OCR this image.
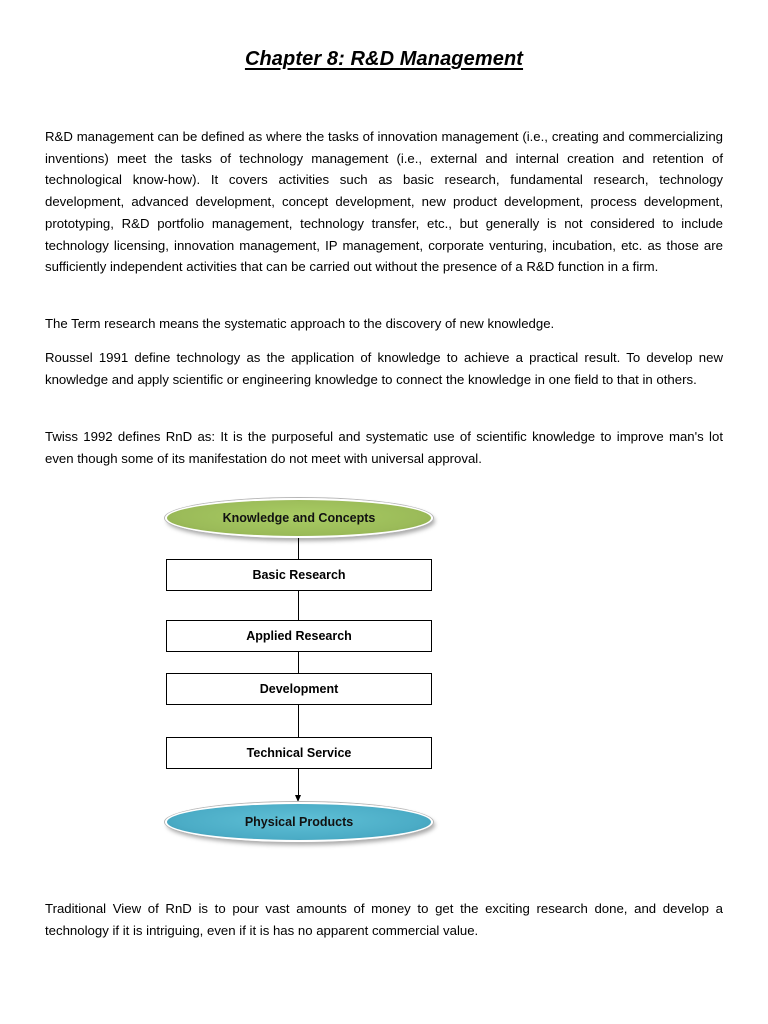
Chapter 8: R&D Management

R&D management can be defined as where the tasks of innovation management (i.e., creating and commercializing inventions) meet the tasks of technology management (i.e., external and internal creation and retention of technological know-how). It covers activities such as basic research, fundamental research, technology development, advanced development, concept development, new product development, process development, prototyping, R&D portfolio management, technology transfer, etc., but generally is not considered to include technology licensing, innovation management, IP management, corporate venturing, incubation, etc. as those are sufficiently independent activities that can be carried out without the presence of a R&D function in a firm.

The Term research means the systematic approach to the discovery of new knowledge.

Roussel 1991 define technology as the application of knowledge to achieve a practical result. To develop new knowledge and apply scientific or engineering knowledge to connect the knowledge in one field to that in others.

Twiss 1992 defines RnD as: It is the purposeful and systematic use of scientific knowledge to improve man's lot even though some of its manifestation do not meet with universal approval.

Knowledge and Concepts
Basic Research
Applied Research
Development
Technical Service
Physical Products

Traditional View of RnD is to pour vast amounts of money to get the exciting research done, and develop a technology if it is intriguing, even if it is has no apparent commercial value.
